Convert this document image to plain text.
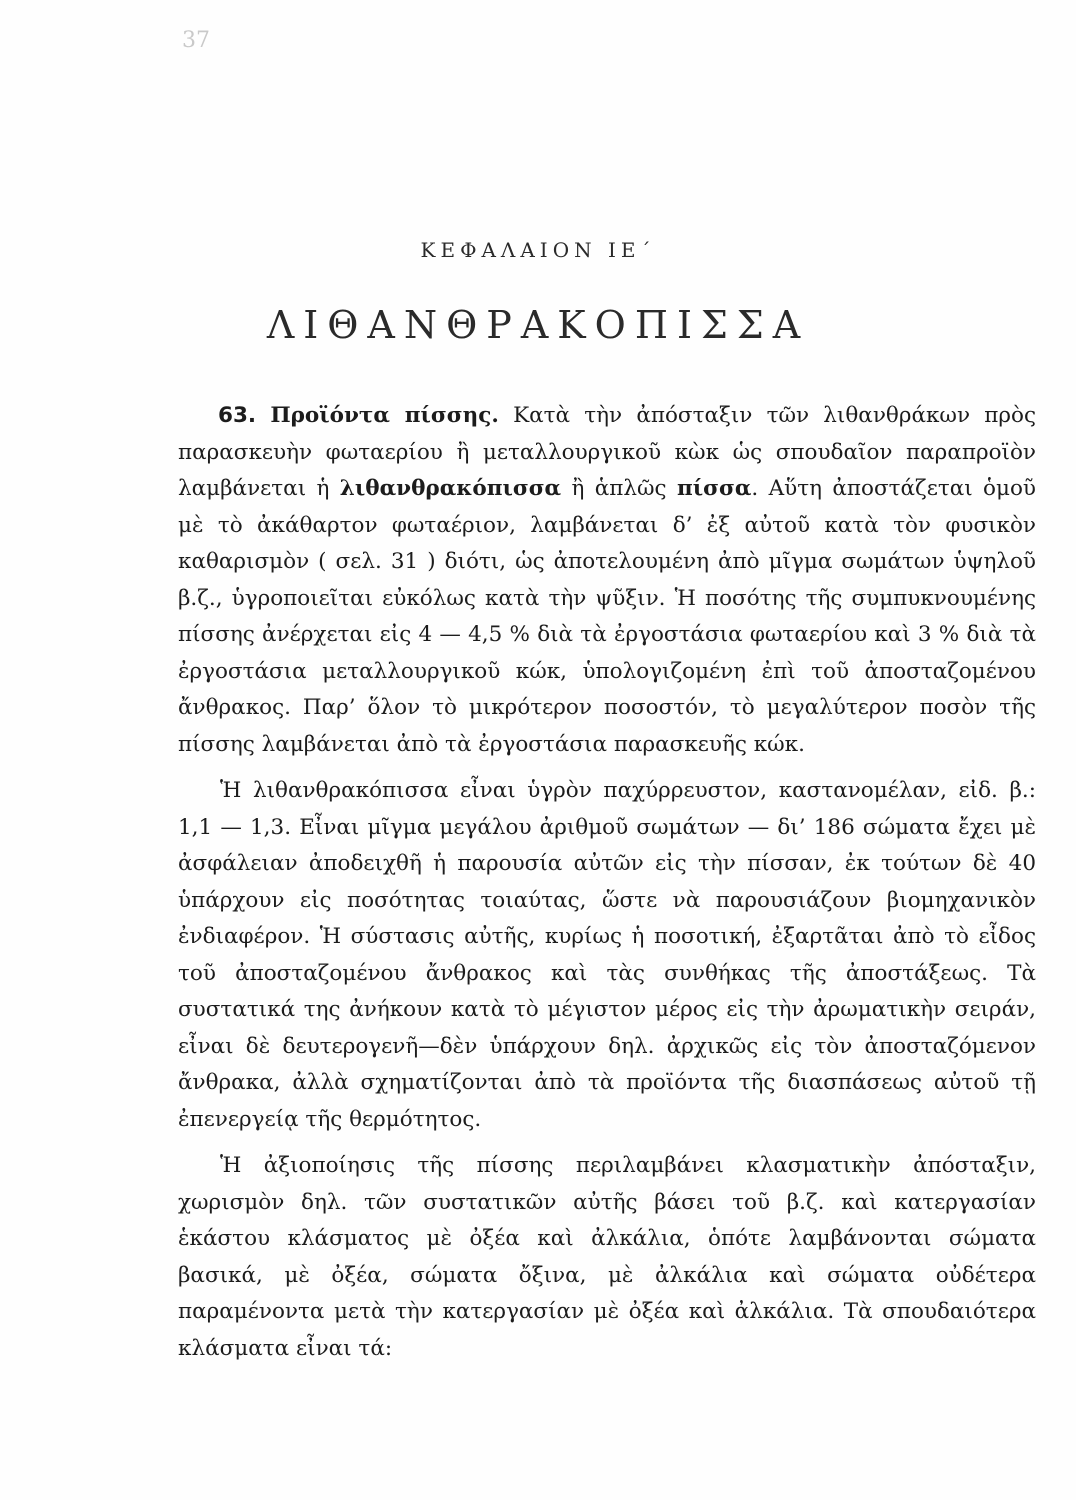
37
ΚΕΦΑΛΑΙΟΝ ΙΕ΄
ΛΙΘΑΝΘΡΑΚΟΠΙΣΣΑ

63. Προϊόντα πίσσης. Κατὰ τὴν ἀπόσταξιν τῶν λιθανθράκων πρὸς παρασκευὴν φωταερίου ἢ μεταλλουργικοῦ κὼκ ὡς σπουδαῖον παραπροϊὸν λαμβάνεται ἡ λιθανθρακόπισσα ἢ ἁπλῶς πίσσα. Αὕτη ἀποστάζεται ὁμοῦ μὲ τὸ ἀκάθαρτον φωταέριον, λαμβάνεται δ’ ἐξ αὐτοῦ κατὰ τὸν φυσικὸν καθαρισμὸν ( σελ. 31 ) διότι, ὡς ἀποτελουμένη ἀπὸ μῖγμα σωμάτων ὑψηλοῦ β.ζ., ὑγροποιεῖται εὐκόλως κατὰ τὴν ψῦξιν. Ἡ ποσότης τῆς συμπυκνουμένης πίσσης ἀνέρχεται εἰς 4 — 4,5 % διὰ τὰ ἐργοστάσια φωταερίου καὶ 3 % διὰ τὰ ἐργοστάσια μεταλλουργικοῦ κώκ, ὑπολογιζομένη ἐπὶ τοῦ ἀποσταζομένου ἄνθρακος. Παρ’ ὅλον τὸ μικρότερον ποσοστόν, τὸ μεγαλύτερον ποσὸν τῆς πίσσης λαμβάνεται ἀπὸ τὰ ἐργοστάσια παρασκευῆς κώκ.

Ἡ λιθανθρακόπισσα εἶναι ὑγρὸν παχύρρευστον, καστανομέλαν, εἰδ. β.: 1,1 — 1,3. Εἶναι μῖγμα μεγάλου ἀριθμοῦ σωμάτων — δι’ 186 σώματα ἔχει μὲ ἀσφάλειαν ἀποδειχθῆ ἡ παρουσία αὐτῶν εἰς τὴν πίσσαν, ἐκ τούτων δὲ 40 ὑπάρχουν εἰς ποσότητας τοιαύτας, ὥστε νὰ παρουσιάζουν βιομηχανικὸν ἐνδιαφέρον. Ἡ σύστασις αὐτῆς, κυρίως ἡ ποσοτική, ἐξαρτᾶται ἀπὸ τὸ εἶδος τοῦ ἀποσταζομένου ἄνθρακος καὶ τὰς συνθήκας τῆς ἀποστάξεως. Τὰ συστατικά της ἀνήκουν κατὰ τὸ μέγιστον μέρος εἰς τὴν ἀρωματικὴν σειράν, εἶναι δὲ δευτερογενῆ—δὲν ὑπάρχουν δηλ. ἀρχικῶς εἰς τὸν ἀποσταζόμενον ἄνθρακα, ἀλλὰ σχηματίζονται ἀπὸ τὰ προϊόντα τῆς διασπάσεως αὐτοῦ τῇ ἐπενεργείᾳ τῆς θερμότητος.

Ἡ ἀξιοποίησις τῆς πίσσης περιλαμβάνει κλασματικὴν ἀπόσταξιν, χωρισμὸν δηλ. τῶν συστατικῶν αὐτῆς βάσει τοῦ β.ζ. καὶ κατεργασίαν ἑκάστου κλάσματος μὲ ὀξέα καὶ ἀλκάλια, ὁπότε λαμβάνονται σώματα βασικά, μὲ ὀξέα, σώματα ὄξινα, μὲ ἀλκάλια καὶ σώματα οὐδέτερα παραμένοντα μετὰ τὴν κατεργασίαν μὲ ὀξέα καὶ ἀλκάλια. Τὰ σπουδαιότερα κλάσματα εἶναι τά:
